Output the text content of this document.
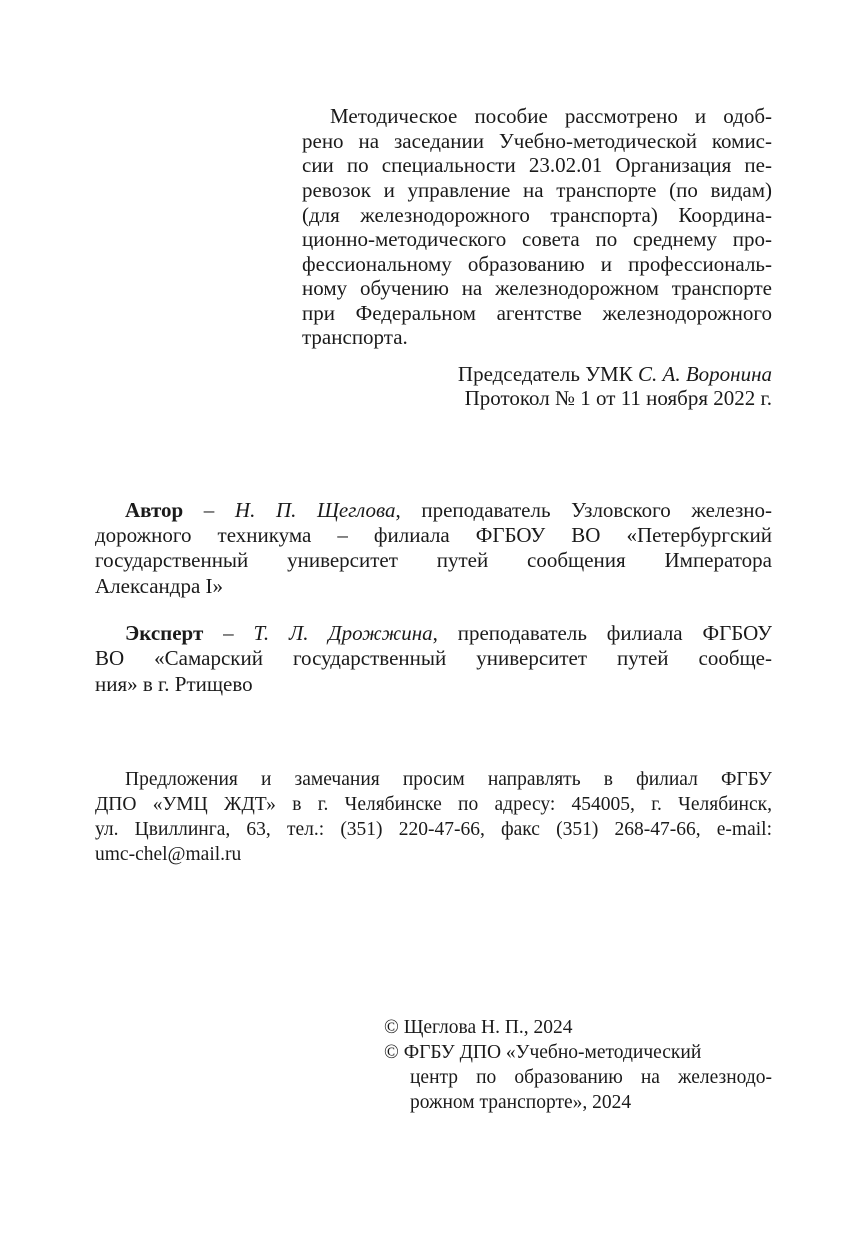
Методическое пособие рассмотрено и одоб-
рено на заседании Учебно-методической комис-
сии по специальности 23.02.01 Организация пе-
ревозок и управление на транспорте (по видам)
(для железнодорожного транспорта) Координа-
ционно-методического совета по среднему про-
фессиональному образованию и профессиональ-
ному обучению на железнодорожном транспорте
при Федеральном агентстве железнодорожного
транспорта.
Председатель УМК С. А. Воронина
Протокол № 1 от 11 ноября 2022 г.
Автор – Н. П. Щеглова, преподаватель Узловского железно-
дорожного техникума – филиала ФГБОУ ВО «Петербургский
государственный университет путей сообщения Императора
Александра I»
Эксперт – Т. Л. Дрожжина, преподаватель филиала ФГБОУ
ВО «Самарский государственный университет путей сообще-
ния» в г. Ртищево
Предложения и замечания просим направлять в филиал ФГБУ
ДПО «УМЦ ЖДТ» в г. Челябинске по адресу: 454005, г. Челябинск,
ул. Цвиллинга, 63, тел.: (351) 220-47-66, факс (351) 268-47-66, e-mail:
umc-chel@mail.ru
© Щеглова Н. П., 2024
© ФГБУ ДПО «Учебно-методический
центр по образованию на железнодо-
рожном транспорте», 2024
